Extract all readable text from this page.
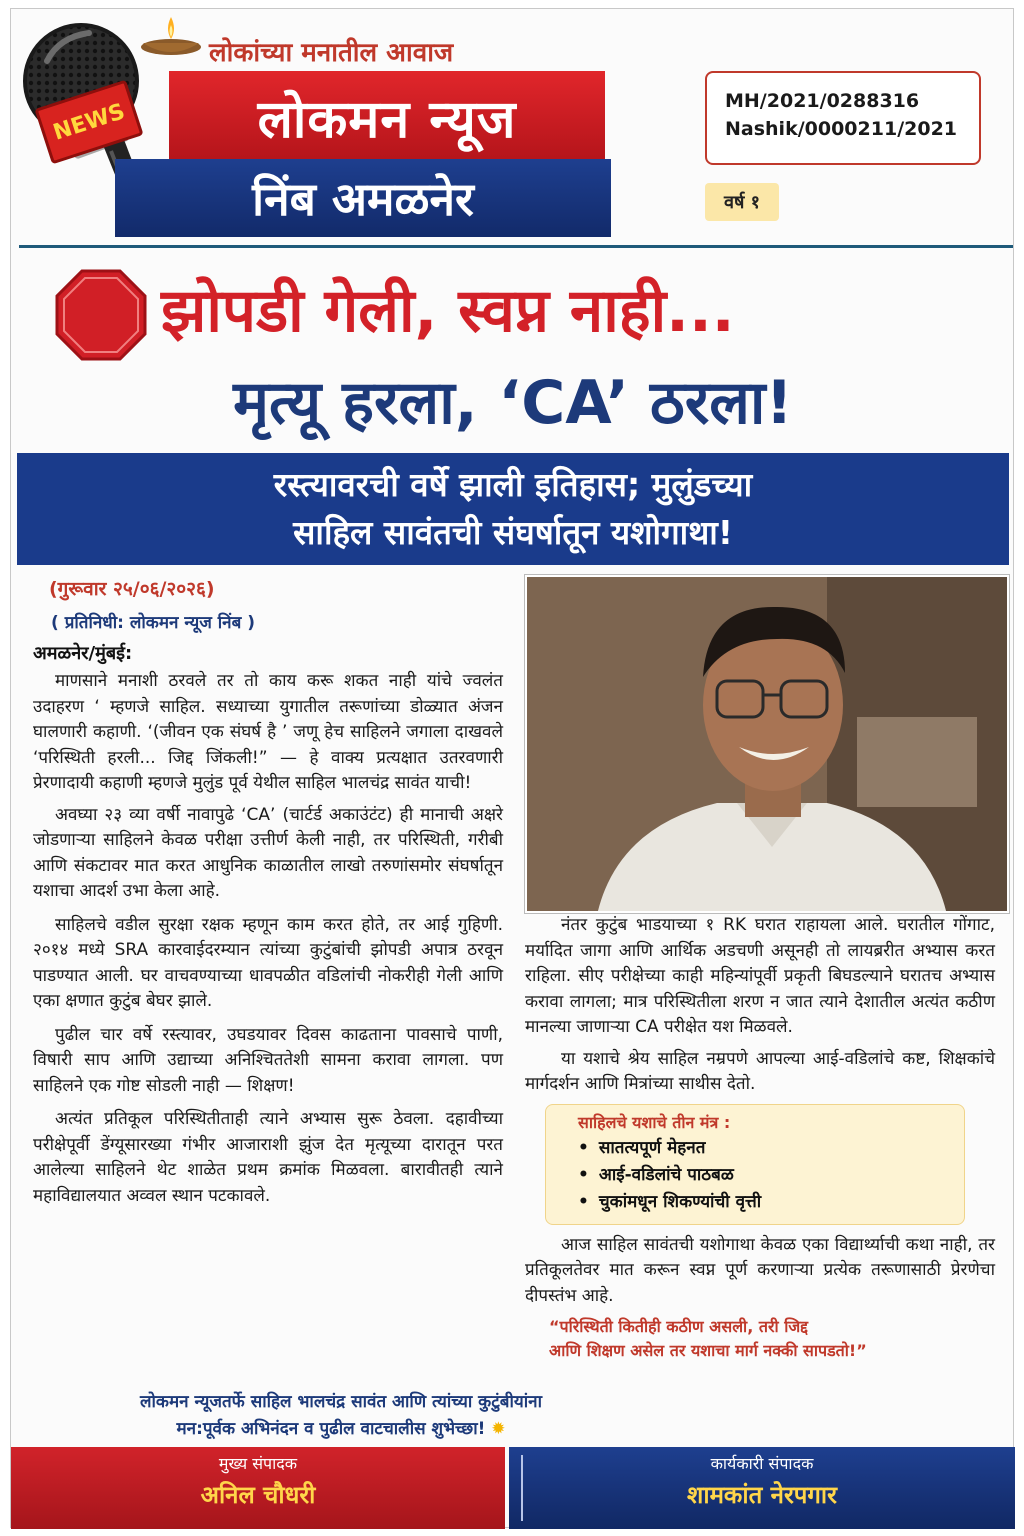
NEWS
लोकांच्या मनातील आवाज
लोकमन न्यूज
निंब अमळनेर
MH/2021/0288316
Nashik/0000211/2021
वर्ष १
झोपडी गेली, स्वप्न नाही...
मृत्यू हरला, ‘CA’ ठरला!
रस्त्यावरची वर्षे झाली इतिहास; मुलुंडच्या
साहिल सावंतची संघर्षातून यशोगाथा!
(गुरूवार २५/०६/२०२६)
( प्रतिनिधी: लोकमन न्यूज निंब )
अमळनेर/मुंबई:

माणसाने मनाशी ठरवले तर तो काय करू शकत नाही यांचे ज्वलंत उदाहरण ‘ म्हणजे साहिल. सध्याच्या युगातील तरूणांच्या डोळ्यात अंजन घालणारी कहाणी. ‘(जीवन एक संघर्ष है ’ जणू हेच साहिलने जगाला दाखवले ‘परिस्थिती हरली... जिद्द जिंकली!” — हे वाक्य प्रत्यक्षात उतरवणारी प्रेरणादायी कहाणी म्हणजे मुलुंड पूर्व येथील साहिल भालचंद्र सावंत याची!

अवघ्या २३ व्या वर्षी नावापुढे ‘CA’ (चार्टर्ड अकाउंटंट) ही मानाची अक्षरे जोडणाऱ्या साहिलने केवळ परीक्षा उत्तीर्ण केली नाही, तर परिस्थिती, गरीबी आणि संकटावर मात करत आधुनिक काळातील लाखो तरुणांसमोर संघर्षातून यशाचा आदर्श उभा केला आहे.

साहिलचे वडील सुरक्षा रक्षक म्हणून काम करत होते, तर आई गुहिणी. २०१४ मध्ये SRA कारवाईदरम्यान त्यांच्या कुटुंबांची झोपडी अपात्र ठरवून पाडण्यात आली. घर वाचवण्याच्या धावपळीत वडिलांची नोकरीही गेली आणि एका क्षणात कुटुंब बेघर झाले.

पुढील चार वर्षे रस्त्यावर, उघडयावर दिवस काढताना पावसाचे पाणी, विषारी साप आणि उद्याच्या अनिश्चिततेशी सामना करावा लागला. पण साहिलने एक गोष्ट सोडली नाही — शिक्षण!

अत्यंत प्रतिकूल परिस्थितीताही त्याने अभ्यास सुरू ठेवला. दहावीच्या परीक्षेपूर्वी डेंग्यूसारख्या गंभीर आजाराशी झुंज देत मृत्यूच्या दारातून परत आलेल्या साहिलने थेट शाळेत प्रथम क्रमांक मिळवला. बारावीतही त्याने महाविद्यालयात अव्वल स्थान पटकावले.

नंतर कुटुंब भाडयाच्या १ RK घरात राहायला आले. घरातील गोंगाट, मर्यादित जागा आणि आर्थिक अडचणी असूनही तो लायब्ररीत अभ्यास करत राहिला. सीए परीक्षेच्या काही महिन्यांपूर्वी प्रकृती बिघडल्याने घरातच अभ्यास करावा लागला; मात्र परिस्थितीला शरण न जात त्याने देशातील अत्यंत कठीण मानल्या जाणाऱ्या CA परीक्षेत यश मिळवले.

या यशाचे श्रेय साहिल नम्रपणे आपल्या आई-वडिलांचे कष्ट, शिक्षकांचे मार्गदर्शन आणि मित्रांच्या साथीस देतो.

साहिलचे यशाचे तीन मंत्र :
• सातत्यपूर्ण मेहनत
• आई-वडिलांचे पाठबळ
• चुकांमधून शिकण्यांची वृत्ती

आज साहिल सावंतची यशोगाथा केवळ एका विद्यार्थ्याची कथा नाही, तर प्रतिकूलतेवर मात करून स्वप्न पूर्ण करणाऱ्या प्रत्येक तरूणासाठी प्रेरणेचा दीपस्तंभ आहे.

“परिस्थिती कितीही कठीण असली, तरी जिद्द
आणि शिक्षण असेल तर यशाचा मार्ग नक्की सापडतो!”
लोकमन न्यूजतर्फे साहिल भालचंद्र सावंत आणि त्यांच्या कुटुंबीयांना
मन:पूर्वक अभिनंदन व पुढील वाटचालीस शुभेच्छा! ✹
मुख्य संपादक
अनिल चौधरी
कार्यकारी संपादक
शामकांत नेरपगार
